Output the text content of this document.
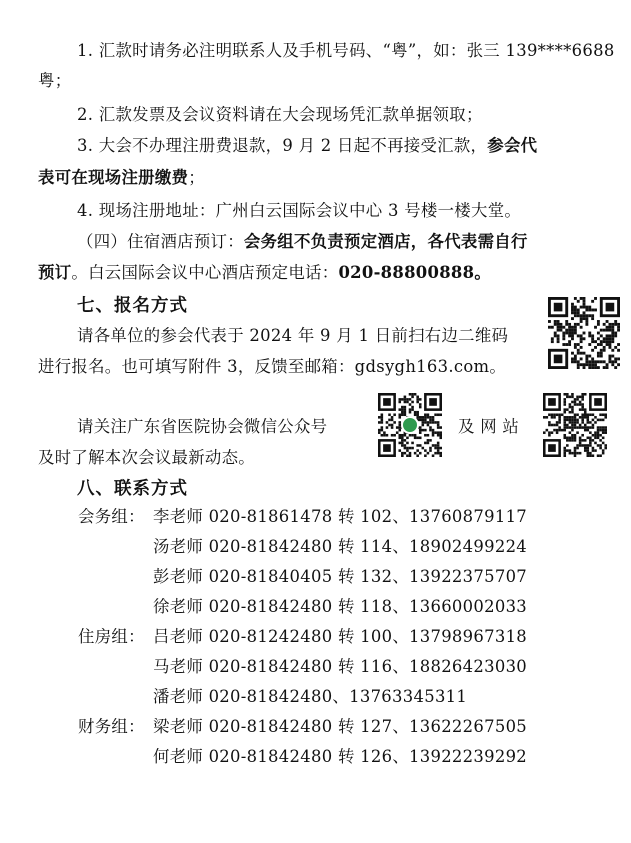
1. 汇款时请务必注明联系人及手机号码、“粤”，如：张三 139****6688
粤；
2. 汇款发票及会议资料请在大会现场凭汇款单据领取；
3. 大会不办理注册费退款，9 月 2 日起不再接受汇款，参会代
表可在现场注册缴费；
4. 现场注册地址：广州白云国际会议中心 3 号楼一楼大堂。
（四）住宿酒店预订：会务组不负责预定酒店，各代表需自行
预订。白云国际会议中心酒店预定电话：020-88800888。
七、报名方式
请各单位的参会代表于 2024 年 9 月 1 日前扫右边二维码
进行报名。也可填写附件 3，反馈至邮箱：gdsygh163.com。
请关注广东省医院协会微信公众号	及 网 站
及时了解本次会议最新动态。
八、联系方式
会务组： 李老师 020-81861478 转 102、13760879117
汤老师 020-81842480 转 114、18902499224
彭老师 020-81840405 转 132、13922375707
徐老师 020-81842480 转 118、13660002033
住房组： 吕老师 020-81242480 转 100、13798967318
马老师 020-81842480 转 116、18826423030
潘老师 020-81842480、13763345311
财务组： 梁老师 020-81842480 转 127、13622267505
何老师 020-81842480 转 126、13922239292
